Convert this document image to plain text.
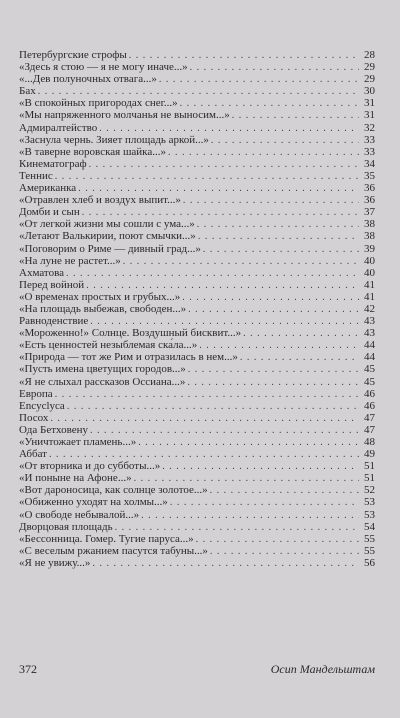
Петербургские строфы . . .	28
«Здесь я стою — я не могу иначе...» . . .	29
«...Дев полуночных отвага...» . . .	29
Бах . . .	30
«В спокойных пригородах снег...» . . .	31
«Мы напряженного молчанья не выносим...» . . .	31
Адмиралтейство . . .	32
«Заснула чернь. Зияет площадь аркой...» . . .	33
«В таверне воровская шайка...» . . .	33
Кинематограф . . .	34
Теннис . . .	35
Американка . . .	36
«Отравлен хлеб и воздух выпит...» . . .	36
Домби и сын . . .	37
«От легкой жизни мы сошли с ума...» . . .	38
«Летают Валькирии, поют смычки...» . . .	38
«Поговорим о Риме — дивный град...» . . .	39
«На луне не растет...» . . .	40
Ахматова . . .	40
Перед войной . . .	41
«О временах простых и грубых...» . . .	41
«На площадь выбежав, свободен...» . . .	42
Равноденствие . . .	43
«Мороженно!» Солнце. Воздушный бисквит...» . . .	43
«Есть ценностей незыблемая ска́ла...» . . .	44
«Природа — тот же Рим и отразилась в нем...» . . .	44
«Пусть имена цветущих городов...» . . .	45
«Я не слыхал рассказов Оссиана...» . . .	45
Европа . . .	46
Encyclyca . . .	46
Посох . . .	47
Ода Бетховену . . .	47
«Уничтожает пламень...» . . .	48
Аббат . . .	49
«От вторника и до субботы...» . . .	51
«И поныне на Афоне...» . . .	51
«Вот дароносица, как солнце золотое...» . . .	52
«Обиженно уходят на холмы...» . . .	53
«О свободе небывалой...» . . .	53
Дворцовая площадь . . .	54
«Бессонница. Гомер. Тугие паруса...» . . .	55
«С веселым ржанием пасутся табуны...» . . .	55
«Я не увижу...» . . .	56
372	Осип Мандельштам
